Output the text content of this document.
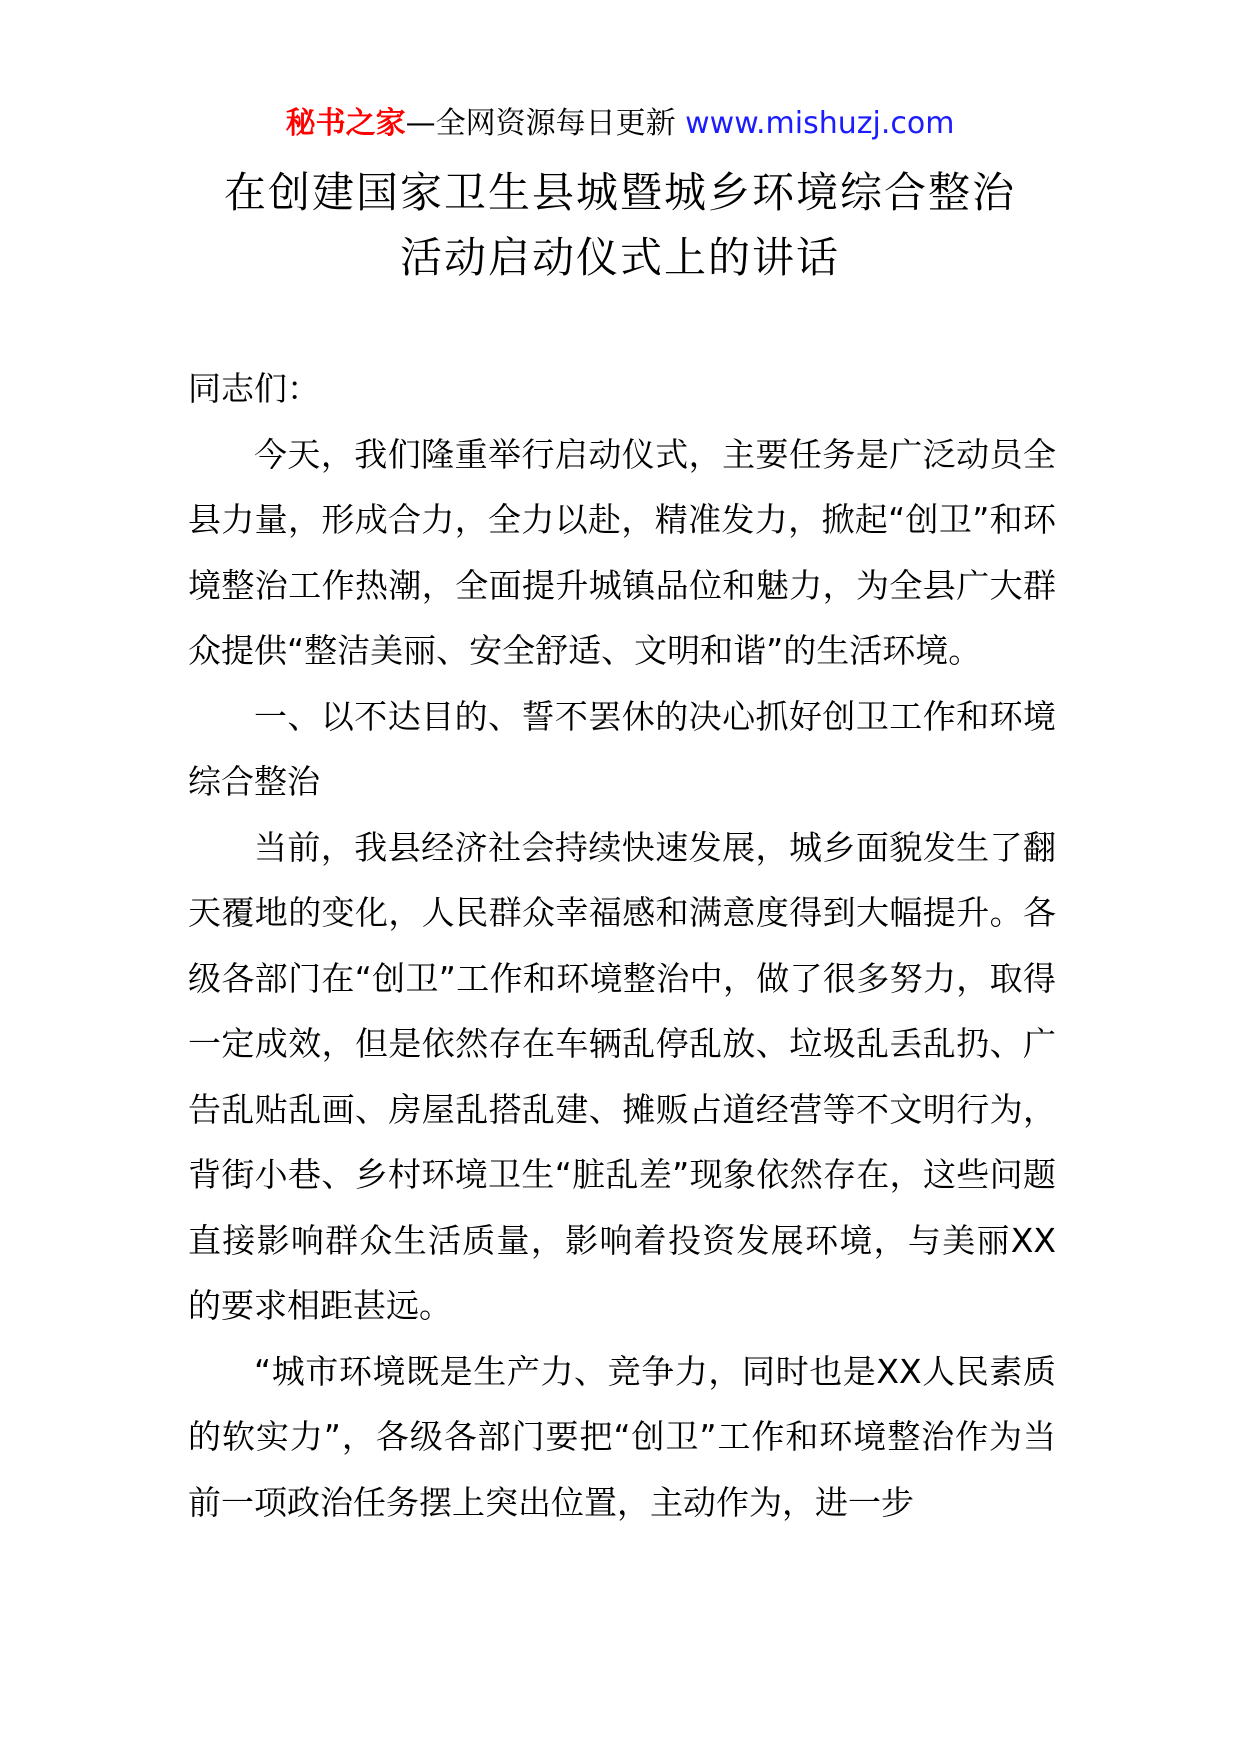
秘书之家—全网资源每日更新 www.mishuzj.com
在创建国家卫生县城暨城乡环境综合整治
活动启动仪式上的讲话

同志们：

今天，我们隆重举行启动仪式，主要任务是广泛动员全县力量，形成合力，全力以赴，精准发力，掀起“创卫”和环境整治工作热潮，全面提升城镇品位和魅力，为全县广大群众提供“整洁美丽、安全舒适、文明和谐”的生活环境。

一、以不达目的、誓不罢休的决心抓好创卫工作和环境综合整治

当前，我县经济社会持续快速发展，城乡面貌发生了翻天覆地的变化，人民群众幸福感和满意度得到大幅提升。各级各部门在“创卫”工作和环境整治中，做了很多努力，取得一定成效，但是依然存在车辆乱停乱放、垃圾乱丢乱扔、广告乱贴乱画、房屋乱搭乱建、摊贩占道经营等不文明行为，背街小巷、乡村环境卫生“脏乱差”现象依然存在，这些问题直接影响群众生活质量，影响着投资发展环境，与美丽XX的要求相距甚远。

“城市环境既是生产力、竞争力，同时也是XX人民素质的软实力”，各级各部门要把“创卫”工作和环境整治作为当前一项政治任务摆上突出位置，主动作为，进一步
